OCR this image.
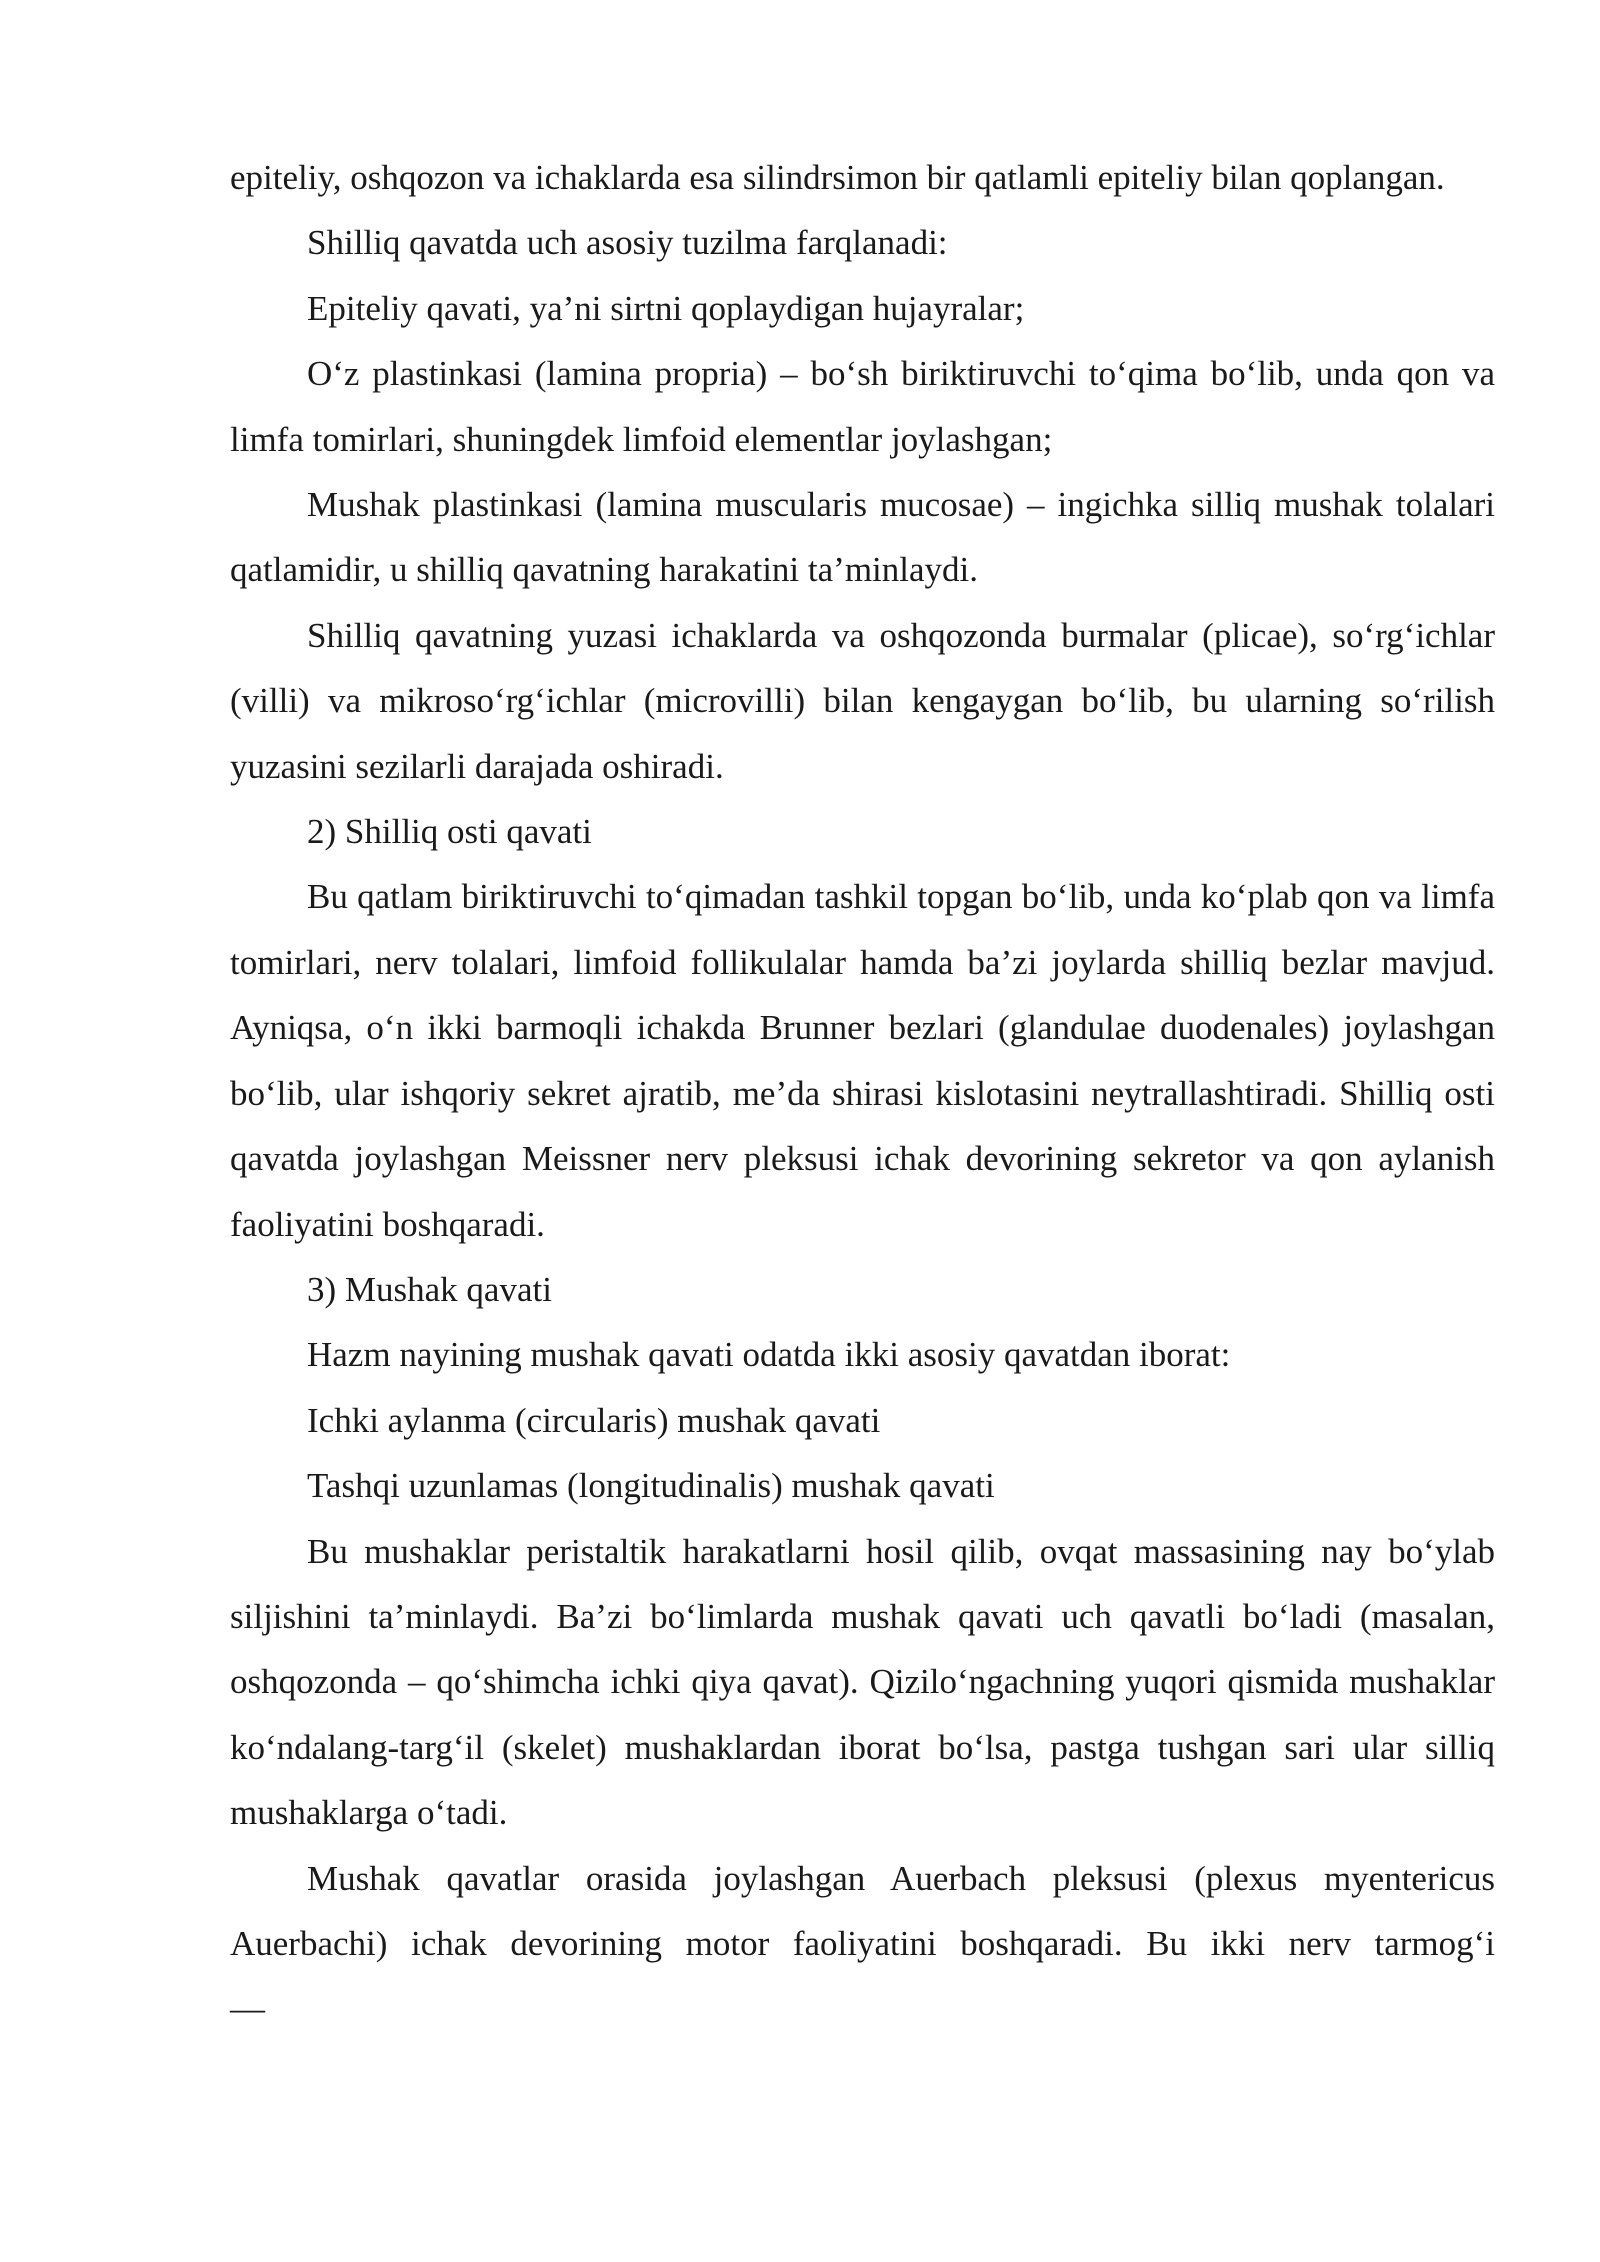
epiteliy, oshqozon va ichaklarda esa silindrsimon bir qatlamli epiteliy bilan qoplangan.

Shilliq qavatda uch asosiy tuzilma farqlanadi:

Epiteliy qavati, ya’ni sirtni qoplaydigan hujayralar;

O‘z plastinkasi (lamina propria) – bo‘sh biriktiruvchi to‘qima bo‘lib, unda qon va limfa tomirlari, shuningdek limfoid elementlar joylashgan;

Mushak plastinkasi (lamina muscularis mucosae) – ingichka silliq mushak tolalari qatlamidir, u shilliq qavatning harakatini ta’minlaydi.

Shilliq qavatning yuzasi ichaklarda va oshqozonda burmalar (plicae), so‘rg‘ichlar (villi) va mikroso‘rg‘ichlar (microvilli) bilan kengaygan bo‘lib, bu ularning so‘rilish yuzasini sezilarli darajada oshiradi.

2) Shilliq osti qavati

Bu qatlam biriktiruvchi to‘qimadan tashkil topgan bo‘lib, unda ko‘plab qon va limfa tomirlari, nerv tolalari, limfoid follikulalar hamda ba’zi joylarda shilliq bezlar mavjud. Ayniqsa, o‘n ikki barmoqli ichakda Brunner bezlari (glandulae duodenales) joylashgan bo‘lib, ular ishqoriy sekret ajratib, me’da shirasi kislotasini neytrallashtiradi. Shilliq osti qavatda joylashgan Meissner nerv pleksusi ichak devorining sekretor va qon aylanish faoliyatini boshqaradi.

3) Mushak qavati

Hazm nayining mushak qavati odatda ikki asosiy qavatdan iborat:

Ichki aylanma (circularis) mushak qavati

Tashqi uzunlamas (longitudinalis) mushak qavati

Bu mushaklar peristaltik harakatlarni hosil qilib, ovqat massasining nay bo‘ylab siljishini ta’minlaydi. Ba’zi bo‘limlarda mushak qavati uch qavatli bo‘ladi (masalan, oshqozonda – qo‘shimcha ichki qiya qavat). Qizilo‘ngachning yuqori qismida mushaklar ko‘ndalang-targ‘il (skelet) mushaklardan iborat bo‘lsa, pastga tushgan sari ular silliq mushaklarga o‘tadi.

Mushak qavatlar orasida joylashgan Auerbach pleksusi (plexus myentericus Auerbachi) ichak devorining motor faoliyatini boshqaradi. Bu ikki nerv tarmog‘i

—
